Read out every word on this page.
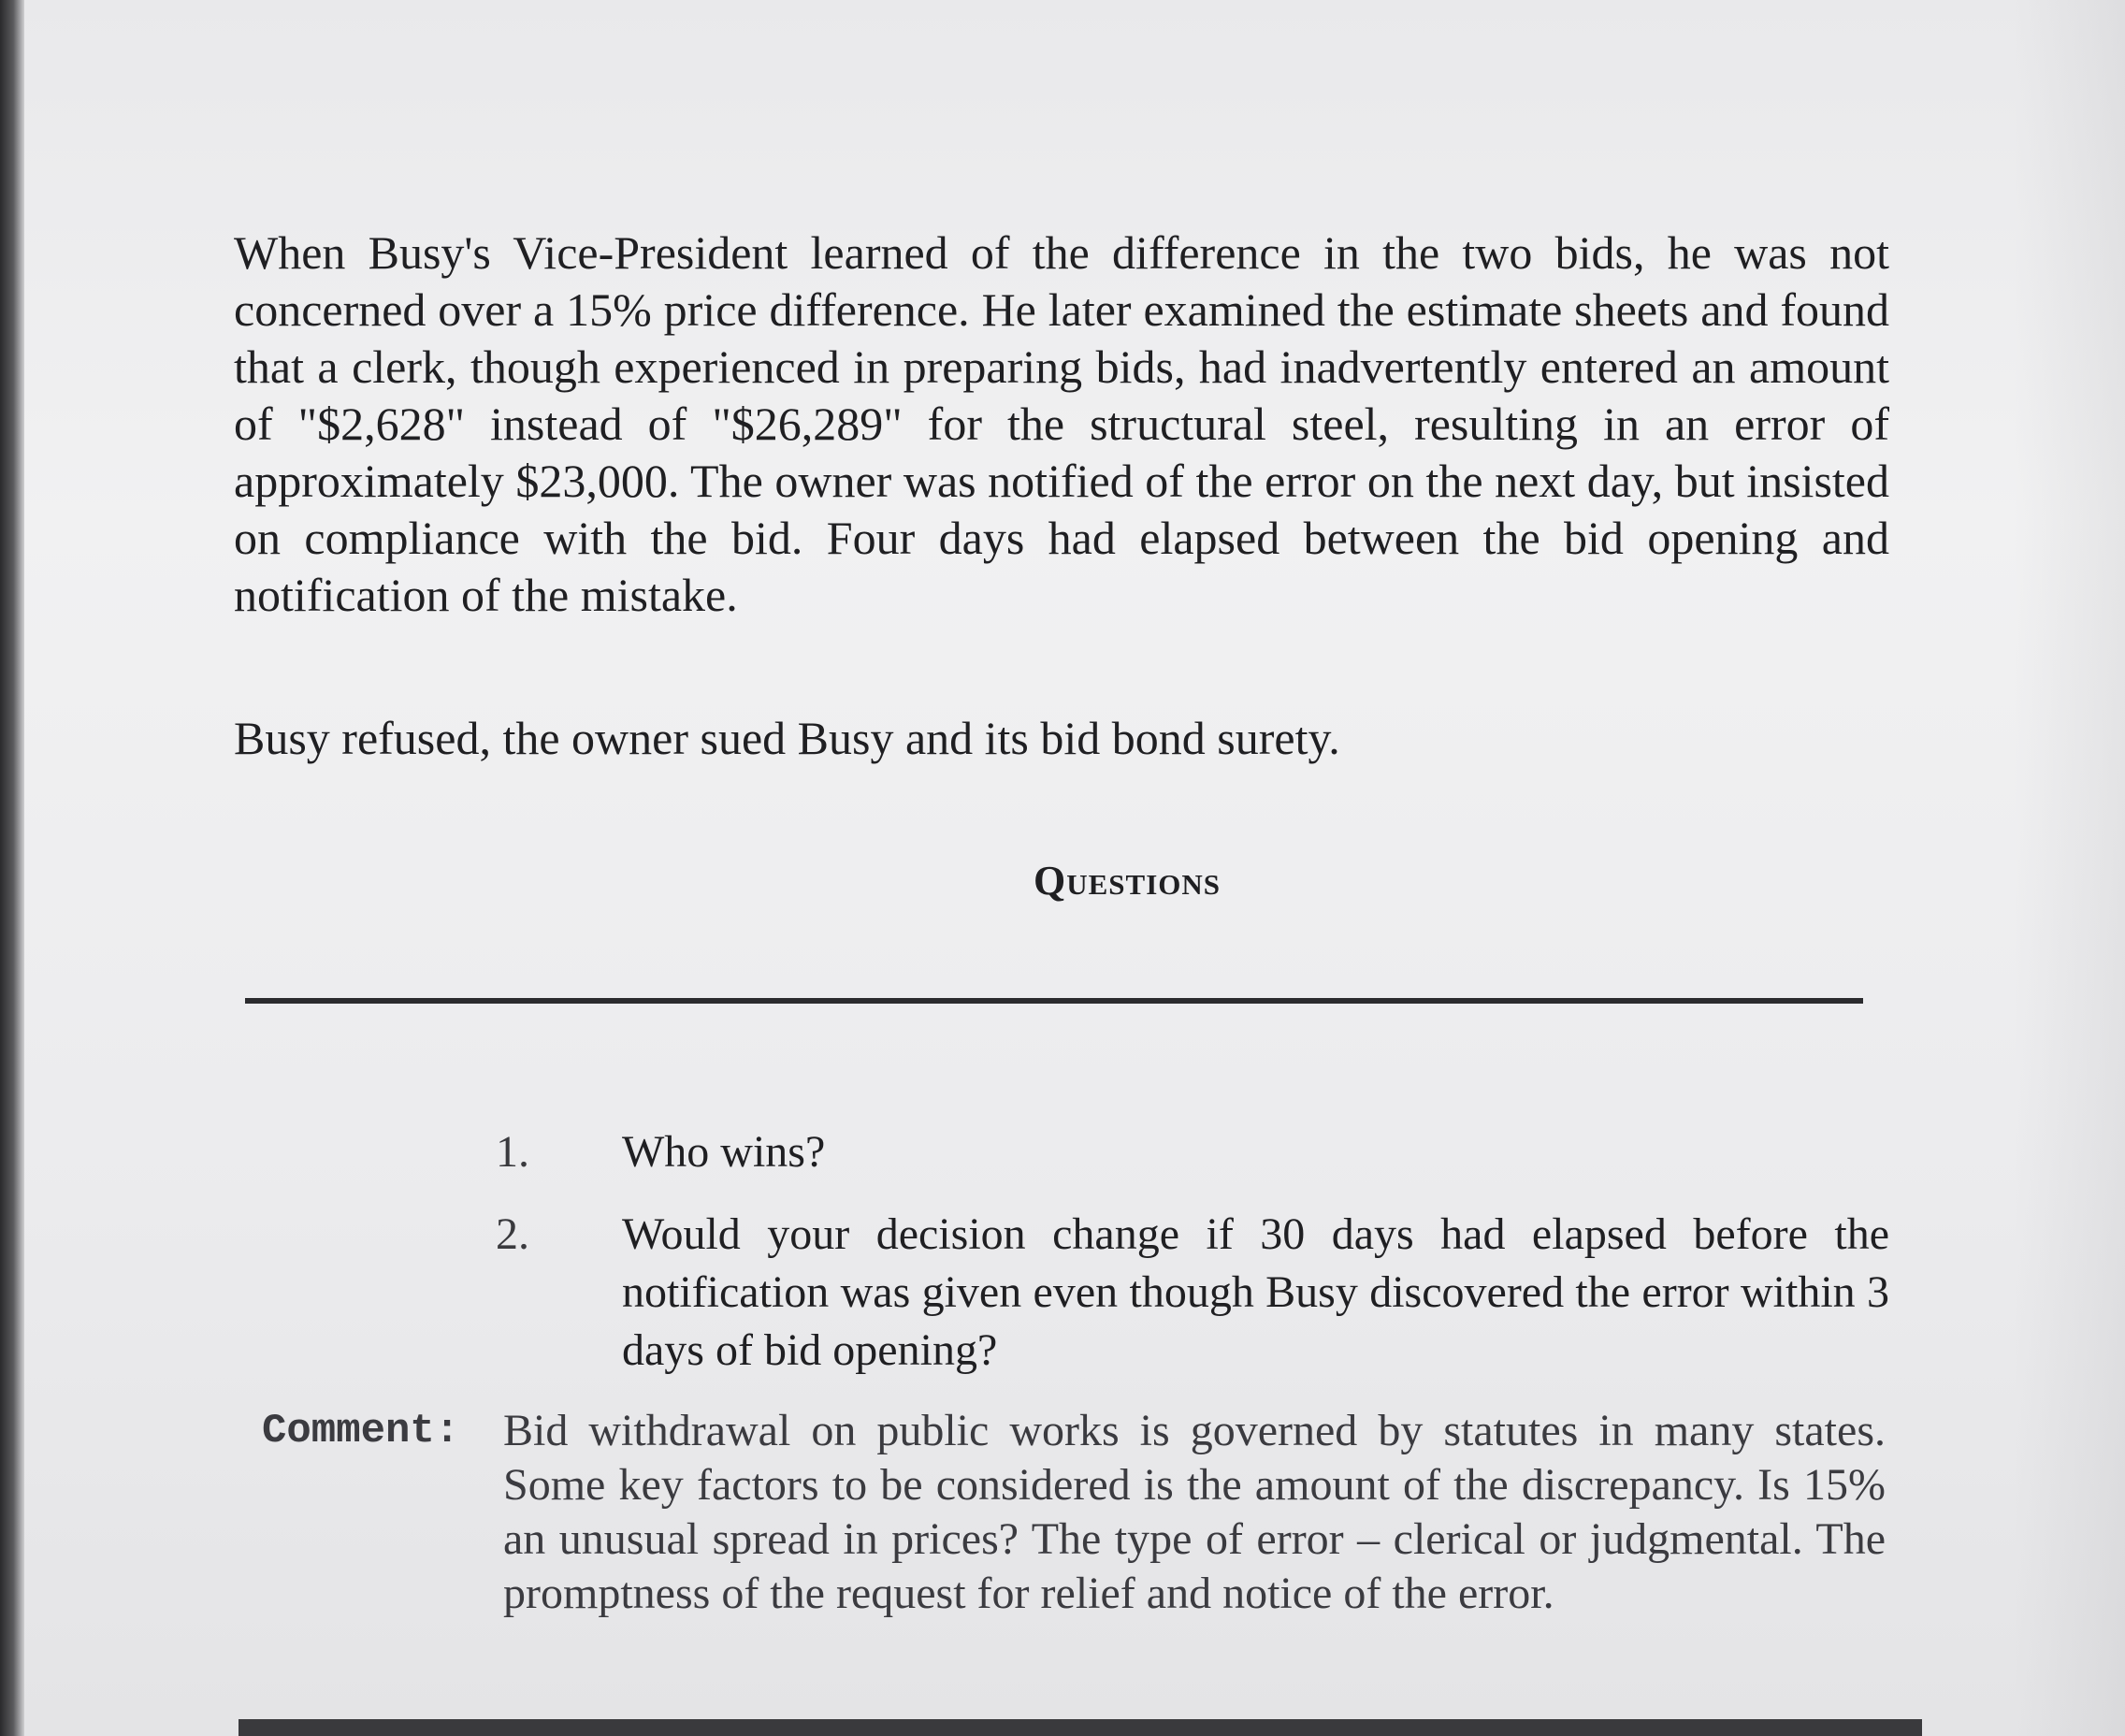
When Busy's Vice-President learned of the difference in the two bids, he was not concerned over a 15% price difference. He later examined the estimate sheets and found that a clerk, though experienced in preparing bids, had inadvertently entered an amount of "$2,628" instead of "$26,289" for the structural steel, resulting in an error of approximately $23,000. The owner was notified of the error on the next day, but insisted on compliance with the bid. Four days had elapsed between the bid opening and notification of the mistake.

Busy refused, the owner sued Busy and its bid bond surety.

Questions
1.	Who wins?
2.	Would your decision change if 30 days had elapsed before the notification was given even though Busy discovered the error within 3 days of bid opening?
Comment: Bid withdrawal on public works is governed by statutes in many states. Some key factors to be considered is the amount of the discrepancy. Is 15% an unusual spread in prices? The type of error – clerical or judgmental. The promptness of the request for relief and notice of the error.
